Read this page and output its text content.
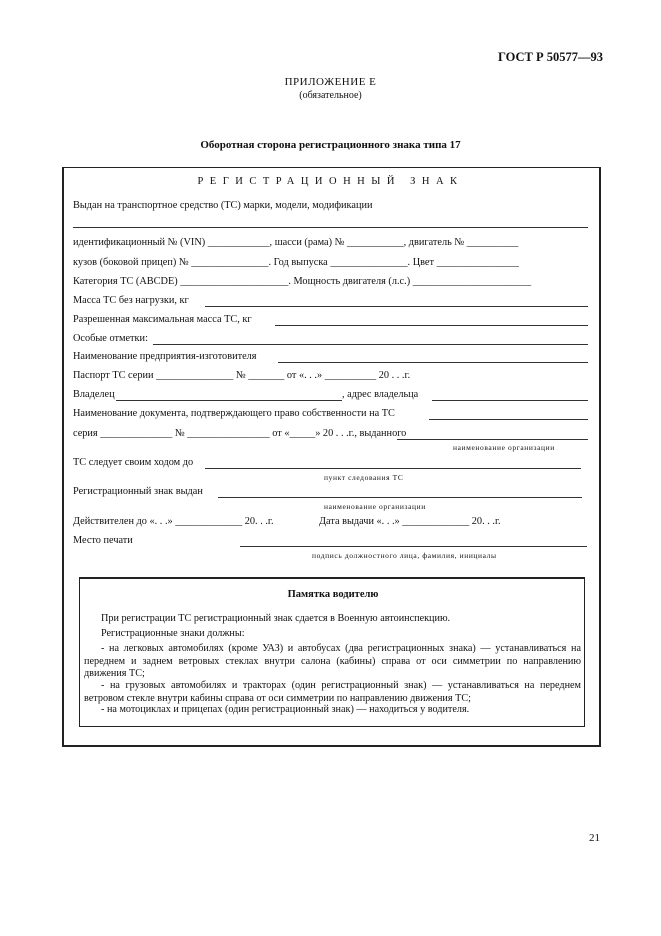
ГОСТ Р 50577—93
ПРИЛОЖЕНИЕ Е
(обязательное)
Оборотная сторона регистрационного знака типа 17
РЕГИСТРАЦИОННЫЙ ЗНАК
Выдан на транспортное средство (ТС) марки, модели, модификации
идентификационный № (VIN) ____________, шасси (рама) № ___________, двигатель № __________
кузов (боковой прицеп) № _______________. Год выпуска _______________. Цвет ________________
Категория ТС (ABCDE) _____________________. Мощность двигателя (л.с.) _______________________
Масса ТС без нагрузки, кг
Разрешенная максимальная масса ТС, кг
Особые отметки:
Наименование предприятия-изготовителя
Паспорт ТС серии _______________ № _______ от «. . .» __________ 20 . . .г.
Владелец	, адрес владельца
Наименование документа, подтверждающего право собственности на ТС
серия ______________ № ________________ от «_____» 20 . . .г., выданного
наименование организации
ТС следует своим ходом до
пункт следования ТС
Регистрационный знак выдан
наименование организации
Действителен до «. . .» _____________ 20. . .г.	Дата выдачи «. . .» _____________ 20. . .г.
Место печати
подпись должностного лица, фамилия, инициалы
Памятка водителю
При регистрации ТС регистрационный знак сдается в Военную автоинспекцию.
Регистрационные знаки должны:
- на легковых автомобилях (кроме УАЗ) и автобусах (два регистрационных знака) — устанавливаться на переднем и заднем ветровых стеклах внутри салона (кабины) справа от оси симметрии по направлению движения ТС;
- на грузовых автомобилях и тракторах (один регистрационный знак) — устанавливаться на переднем ветровом стекле внутри кабины справа от оси симметрии по направлению движения ТС;
- на мотоциклах и прицепах (один регистрационный знак) — находиться у водителя.
21
